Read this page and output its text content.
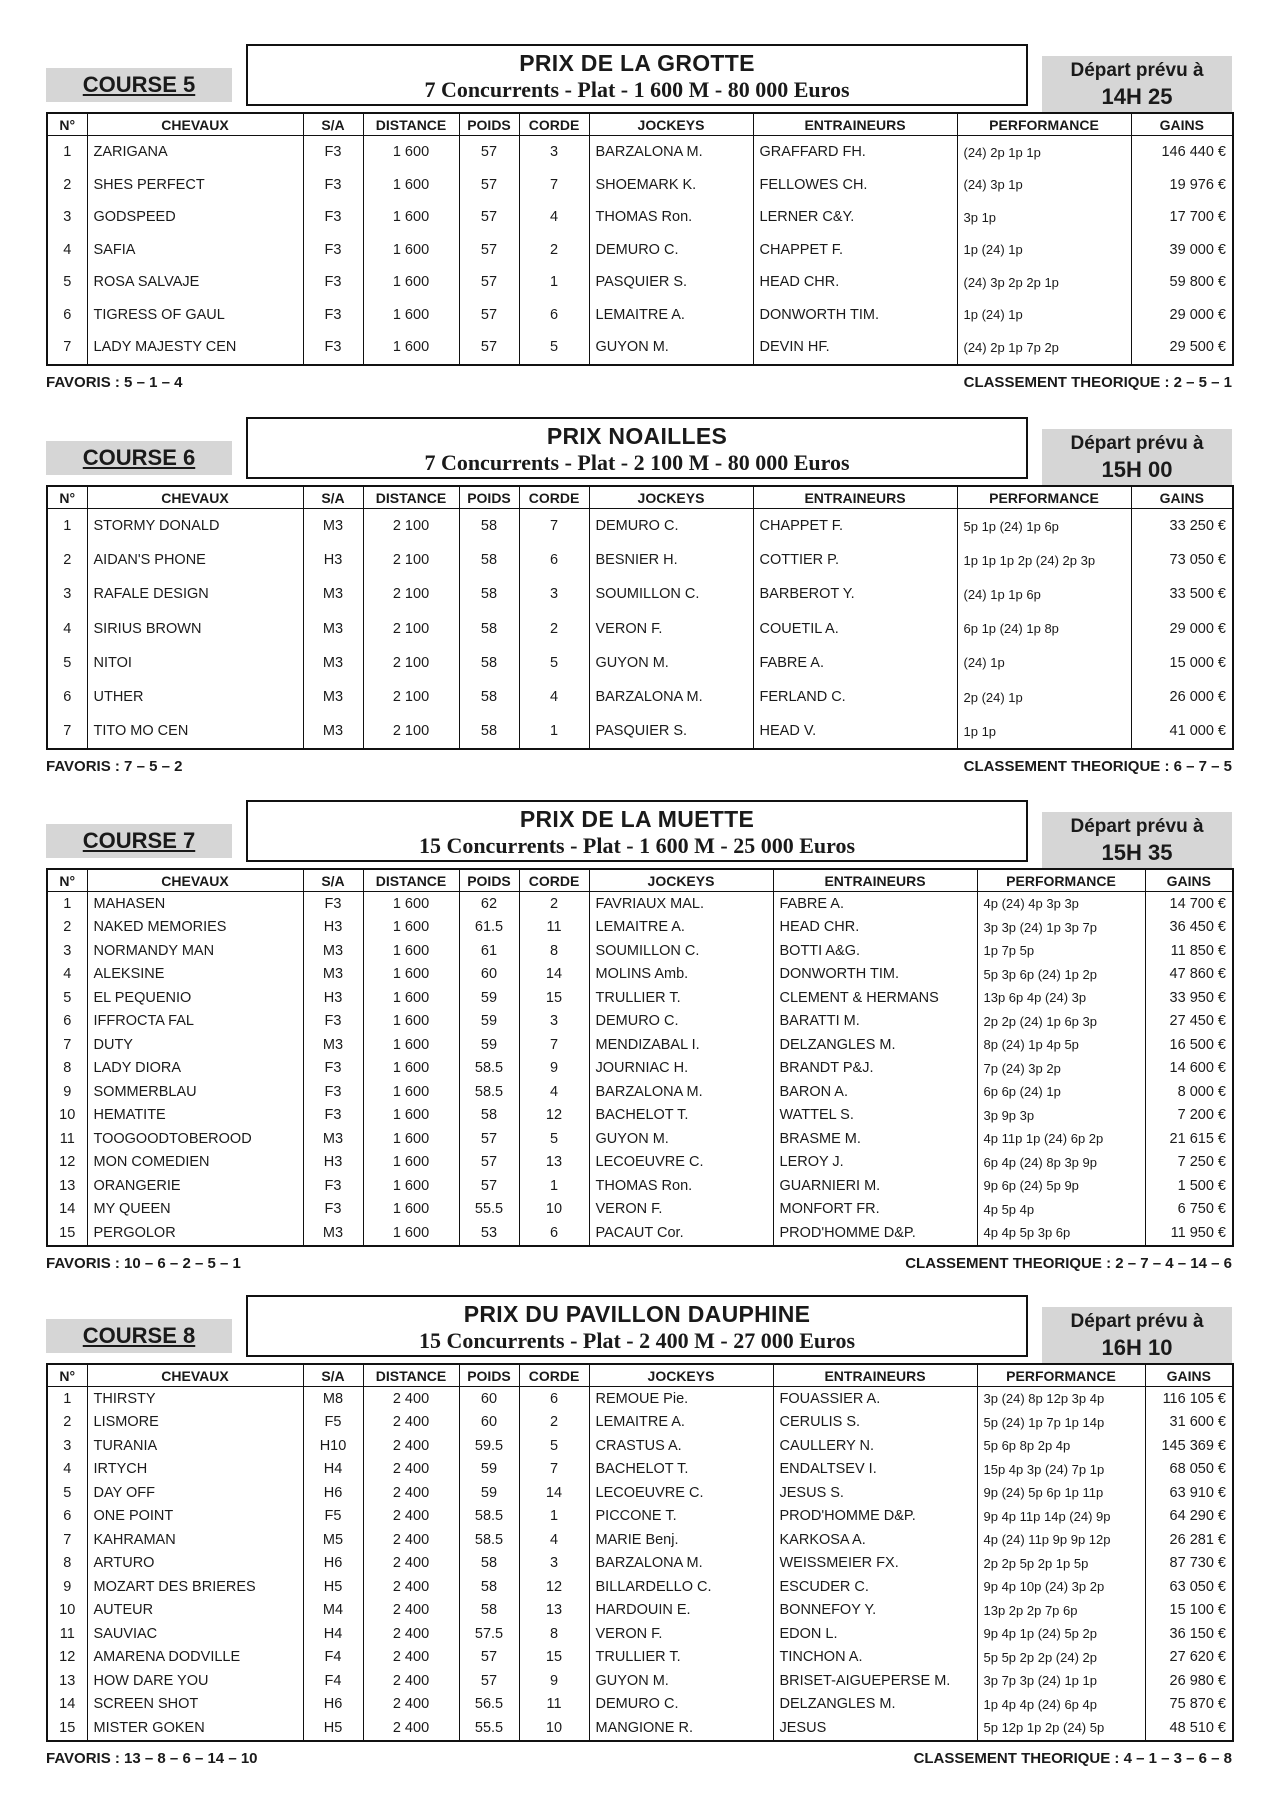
COURSE 5
PRIX DE LA GROTTE
7 Concurrents - Plat - 1 600 M - 80 000 Euros
Départ prévu à
14H 25
N°	CHEVAUX	S/A	DISTANCE	POIDS	CORDE	JOCKEYS	ENTRAINEURS	PERFORMANCE	GAINS
1	ZARIGANA	F3	1 600	57	3	BARZALONA M.	GRAFFARD FH.	(24) 2p 1p 1p	146 440 €
2	SHES PERFECT	F3	1 600	57	7	SHOEMARK K.	FELLOWES CH.	(24) 3p 1p	19 976 €
3	GODSPEED	F3	1 600	57	4	THOMAS Ron.	LERNER C&Y.	3p 1p	17 700 €
4	SAFIA	F3	1 600	57	2	DEMURO C.	CHAPPET F.	1p (24) 1p	39 000 €
5	ROSA SALVAJE	F3	1 600	57	1	PASQUIER S.	HEAD CHR.	(24) 3p 2p 2p 1p	59 800 €
6	TIGRESS OF GAUL	F3	1 600	57	6	LEMAITRE A.	DONWORTH TIM.	1p (24) 1p	29 000 €
7	LADY MAJESTY CEN	F3	1 600	57	5	GUYON M.	DEVIN HF.	(24) 2p 1p 7p 2p	29 500 €
FAVORIS : 5 – 1 – 4	CLASSEMENT THEORIQUE : 2 – 5 – 1
COURSE 6
PRIX NOAILLES
7 Concurrents - Plat - 2 100 M - 80 000 Euros
Départ prévu à
15H 00
N°	CHEVAUX	S/A	DISTANCE	POIDS	CORDE	JOCKEYS	ENTRAINEURS	PERFORMANCE	GAINS
1	STORMY DONALD	M3	2 100	58	7	DEMURO C.	CHAPPET F.	5p 1p (24) 1p 6p	33 250 €
2	AIDAN'S PHONE	H3	2 100	58	6	BESNIER H.	COTTIER P.	1p 1p 1p 2p (24) 2p 3p	73 050 €
3	RAFALE DESIGN	M3	2 100	58	3	SOUMILLON C.	BARBEROT Y.	(24) 1p 1p 6p	33 500 €
4	SIRIUS BROWN	M3	2 100	58	2	VERON F.	COUETIL A.	6p 1p (24) 1p 8p	29 000 €
5	NITOI	M3	2 100	58	5	GUYON M.	FABRE A.	(24) 1p	15 000 €
6	UTHER	M3	2 100	58	4	BARZALONA M.	FERLAND C.	2p (24) 1p	26 000 €
7	TITO MO CEN	M3	2 100	58	1	PASQUIER S.	HEAD V.	1p 1p	41 000 €
FAVORIS : 7 – 5 – 2	CLASSEMENT THEORIQUE : 6 – 7 – 5
COURSE 7
PRIX DE LA MUETTE
15 Concurrents - Plat - 1 600 M - 25 000 Euros
Départ prévu à
15H 35
N°	CHEVAUX	S/A	DISTANCE	POIDS	CORDE	JOCKEYS	ENTRAINEURS	PERFORMANCE	GAINS
1	MAHASEN	F3	1 600	62	2	FAVRIAUX MAL.	FABRE A.	4p (24) 4p 3p 3p	14 700 €
2	NAKED MEMORIES	H3	1 600	61.5	11	LEMAITRE A.	HEAD CHR.	3p 3p (24) 1p 3p 7p	36 450 €
3	NORMANDY MAN	M3	1 600	61	8	SOUMILLON C.	BOTTI A&G.	1p 7p 5p	11 850 €
4	ALEKSINE	M3	1 600	60	14	MOLINS Amb.	DONWORTH TIM.	5p 3p 6p (24) 1p 2p	47 860 €
5	EL PEQUENIO	H3	1 600	59	15	TRULLIER T.	CLEMENT & HERMANS	13p 6p 4p (24) 3p	33 950 €
6	IFFROCTA FAL	F3	1 600	59	3	DEMURO C.	BARATTI M.	2p 2p (24) 1p 6p 3p	27 450 €
7	DUTY	M3	1 600	59	7	MENDIZABAL I.	DELZANGLES M.	8p (24) 1p 4p 5p	16 500 €
8	LADY DIORA	F3	1 600	58.5	9	JOURNIAC H.	BRANDT P&J.	7p (24) 3p 2p	14 600 €
9	SOMMERBLAU	F3	1 600	58.5	4	BARZALONA M.	BARON A.	6p 6p (24) 1p	8 000 €
10	HEMATITE	F3	1 600	58	12	BACHELOT T.	WATTEL S.	3p 9p 3p	7 200 €
11	TOOGOODTOBEROOD	M3	1 600	57	5	GUYON M.	BRASME M.	4p 11p 1p (24) 6p 2p	21 615 €
12	MON COMEDIEN	H3	1 600	57	13	LECOEUVRE C.	LEROY J.	6p 4p (24) 8p 3p 9p	7 250 €
13	ORANGERIE	F3	1 600	57	1	THOMAS Ron.	GUARNIERI M.	9p 6p (24) 5p 9p	1 500 €
14	MY QUEEN	F3	1 600	55.5	10	VERON F.	MONFORT FR.	4p 5p 4p	6 750 €
15	PERGOLOR	M3	1 600	53	6	PACAUT Cor.	PROD'HOMME D&P.	4p 4p 5p 3p 6p	11 950 €
FAVORIS : 10 – 6 – 2 – 5 – 1	CLASSEMENT THEORIQUE : 2 – 7 – 4 – 14 – 6
COURSE 8
PRIX DU PAVILLON DAUPHINE
15 Concurrents - Plat - 2 400 M - 27 000 Euros
Départ prévu à
16H 10
N°	CHEVAUX	S/A	DISTANCE	POIDS	CORDE	JOCKEYS	ENTRAINEURS	PERFORMANCE	GAINS
1	THIRSTY	M8	2 400	60	6	REMOUE Pie.	FOUASSIER A.	3p (24) 8p 12p 3p 4p	116 105 €
2	LISMORE	F5	2 400	60	2	LEMAITRE A.	CERULIS S.	5p (24) 1p 7p 1p 14p	31 600 €
3	TURANIA	H10	2 400	59.5	5	CRASTUS A.	CAULLERY N.	5p 6p 8p 2p 4p	145 369 €
4	IRTYCH	H4	2 400	59	7	BACHELOT T.	ENDALTSEV I.	15p 4p 3p (24) 7p 1p	68 050 €
5	DAY OFF	H6	2 400	59	14	LECOEUVRE C.	JESUS S.	9p (24) 5p 6p 1p 11p	63 910 €
6	ONE POINT	F5	2 400	58.5	1	PICCONE T.	PROD'HOMME D&P.	9p 4p 11p 14p (24) 9p	64 290 €
7	KAHRAMAN	M5	2 400	58.5	4	MARIE Benj.	KARKOSA A.	4p (24) 11p 9p 9p 12p	26 281 €
8	ARTURO	H6	2 400	58	3	BARZALONA M.	WEISSMEIER FX.	2p 2p 5p 2p 1p 5p	87 730 €
9	MOZART DES BRIERES	H5	2 400	58	12	BILLARDELLO C.	ESCUDER C.	9p 4p 10p (24) 3p 2p	63 050 €
10	AUTEUR	M4	2 400	58	13	HARDOUIN E.	BONNEFOY Y.	13p 2p 2p 7p 6p	15 100 €
11	SAUVIAC	H4	2 400	57.5	8	VERON F.	EDON L.	9p 4p 1p (24) 5p 2p	36 150 €
12	AMARENA DODVILLE	F4	2 400	57	15	TRULLIER T.	TINCHON A.	5p 5p 2p 2p (24) 2p	27 620 €
13	HOW DARE YOU	F4	2 400	57	9	GUYON M.	BRISET-AIGUEPERSE M.	3p 7p 3p (24) 1p 1p	26 980 €
14	SCREEN SHOT	H6	2 400	56.5	11	DEMURO C.	DELZANGLES M.	1p 4p 4p (24) 6p 4p	75 870 €
15	MISTER GOKEN	H5	2 400	55.5	10	MANGIONE R.	JESUS	5p 12p 1p 2p (24) 5p	48 510 €
FAVORIS : 13 – 8 – 6 – 14 – 10	CLASSEMENT THEORIQUE : 4 – 1 – 3 – 6 – 8
